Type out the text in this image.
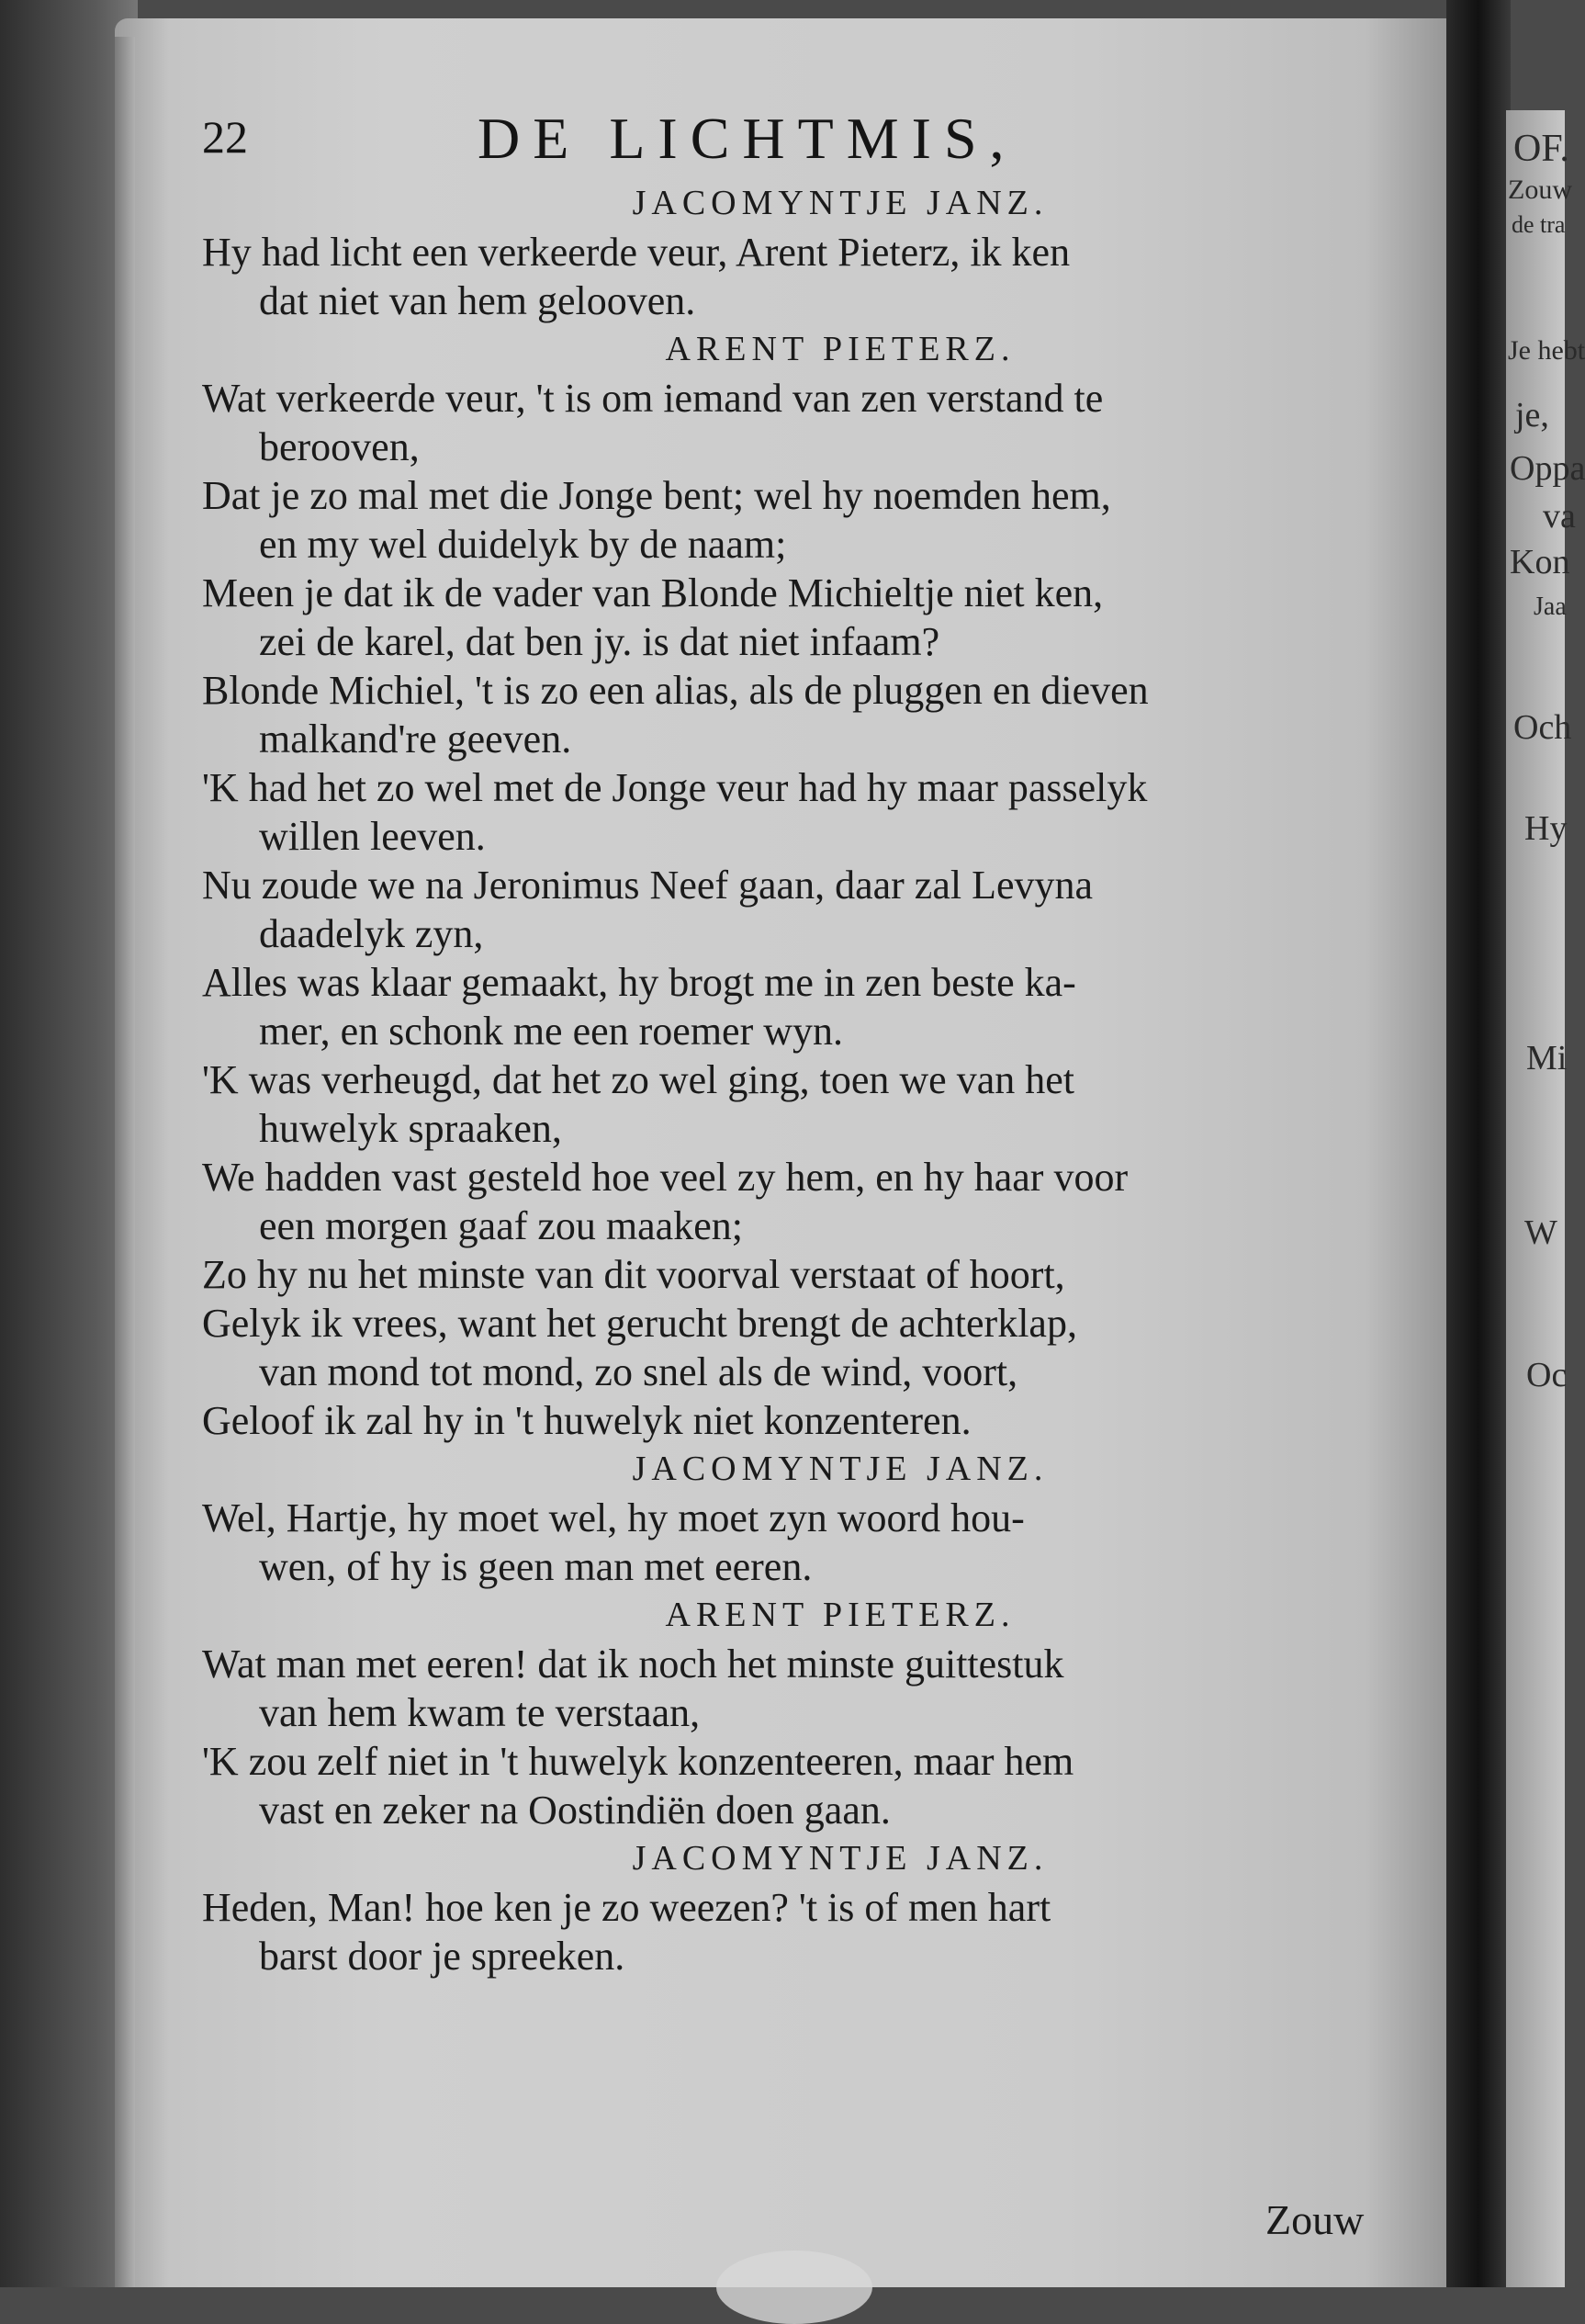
OF.
Zouw
de tra
Je hebt
je,
Oppa
va
Kon
Jaa
Och
Hy
Mi
W
Oc
22	DE LICHTMIS,
JACOMYNTJE JANZ.
Hy had licht een verkeerde veur, Arent Pieterz, ik ken
dat niet van hem gelooven.
ARENT PIETERZ.
Wat verkeerde veur, 't is om iemand van zen verstand te
berooven,
Dat je zo mal met die Jonge bent; wel hy noemden hem,
en my wel duidelyk by de naam;
Meen je dat ik de vader van Blonde Michieltje niet ken,
zei de karel, dat ben jy. is dat niet infaam?
Blonde Michiel, 't is zo een alias, als de pluggen en dieven
malkand're geeven.
'K had het zo wel met de Jonge veur had hy maar passelyk
willen leeven.
Nu zoude we na Jeronimus Neef gaan, daar zal Levyna
daadelyk zyn,
Alles was klaar gemaakt, hy brogt me in zen beste ka-
mer, en schonk me een roemer wyn.
'K was verheugd, dat het zo wel ging, toen we van het
huwelyk spraaken,
We hadden vast gesteld hoe veel zy hem, en hy haar voor
een morgen gaaf zou maaken;
Zo hy nu het minste van dit voorval verstaat of hoort,
Gelyk ik vrees, want het gerucht brengt de achterklap,
van mond tot mond, zo snel als de wind, voort,
Geloof ik zal hy in 't huwelyk niet konzenteren.
JACOMYNTJE JANZ.
Wel, Hartje, hy moet wel, hy moet zyn woord hou-
wen, of hy is geen man met eeren.
ARENT PIETERZ.
Wat man met eeren! dat ik noch het minste guittestuk
van hem kwam te verstaan,
'K zou zelf niet in 't huwelyk konzenteeren, maar hem
vast en zeker na Oostindiën doen gaan.
JACOMYNTJE JANZ.
Heden, Man! hoe ken je zo weezen? 't is of men hart
barst door je spreeken.
Zouw
